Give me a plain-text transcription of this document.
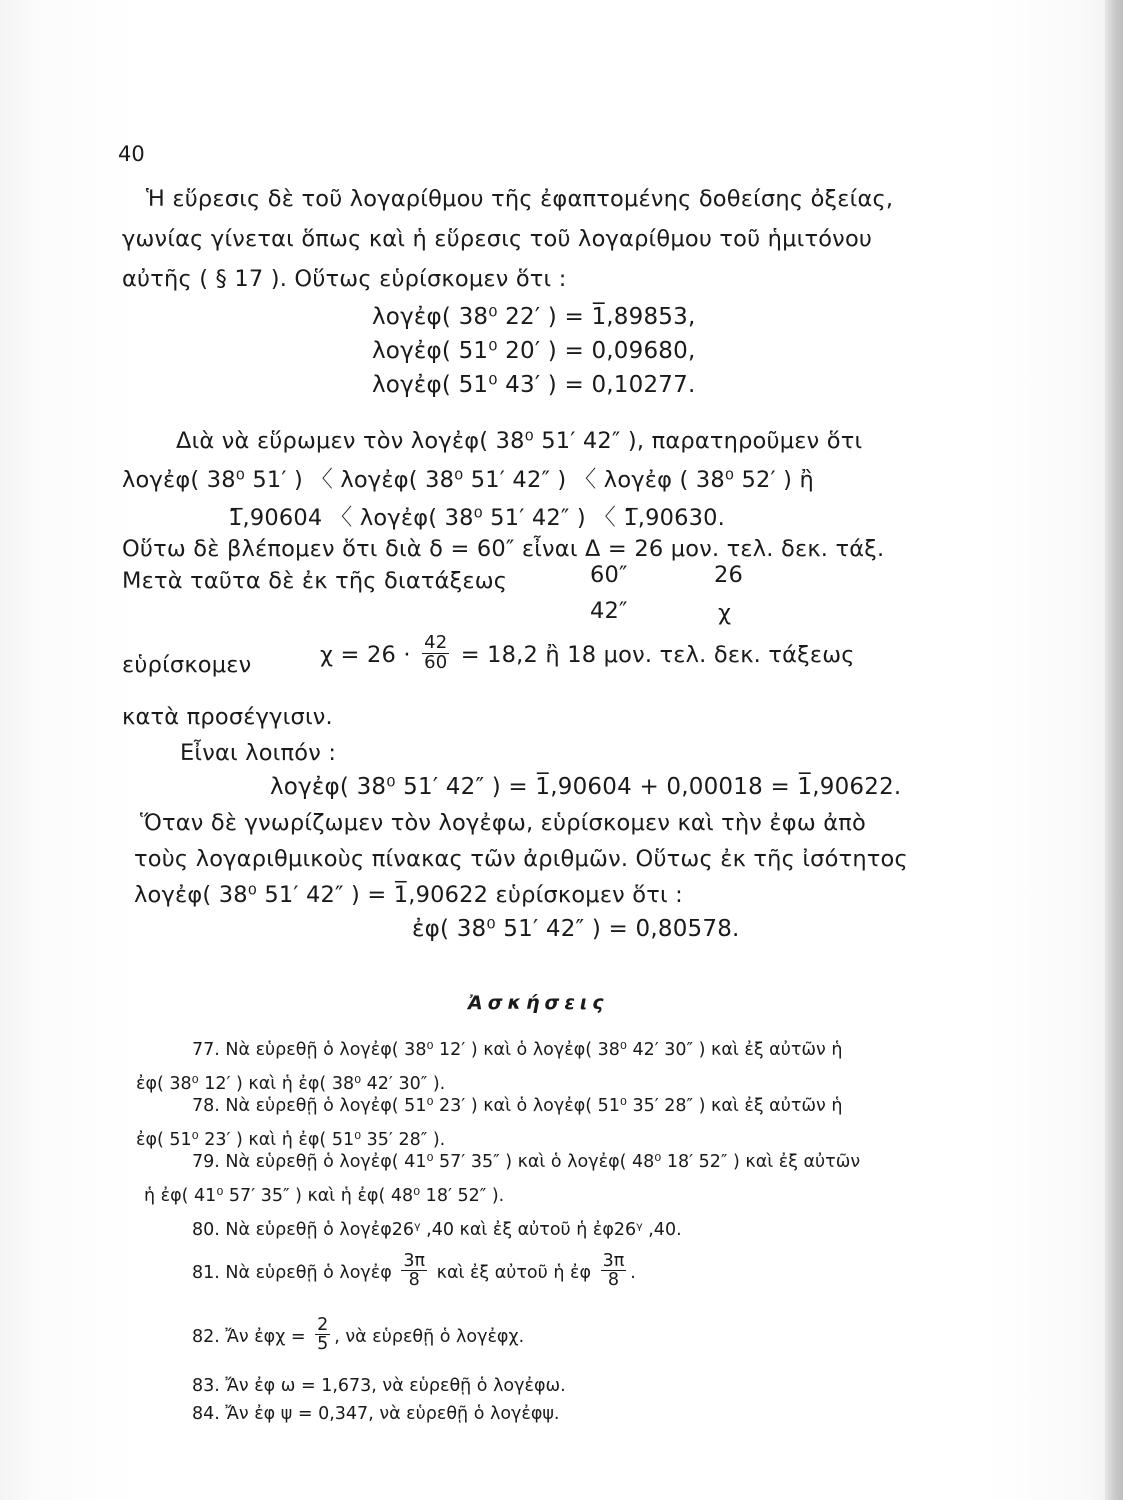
40
Ἡ εὕρεσις δὲ τοῦ λογαρίθμου τῆς ἐφαπτομένης δοθείσης ὀξείας,
γωνίας γίνεται ὅπως καὶ ἡ εὕρεσις τοῦ λογαρίθμου τοῦ ἡμιτόνου
αὐτῆς ( § 17 ). Οὕτως εὑρίσκομεν ὅτι :
λογἐφ( 38⁰ 22′ ) = 1̅,89853,
λογἐφ( 51⁰ 20′ ) = 0,09680,
λογἐφ( 51⁰ 43′ ) = 0,10277.
Διὰ νὰ εὕρωμεν τὸν λογἐφ( 38⁰ 51′ 42″ ), παρατηροῦμεν ὅτι
λογἐφ( 38⁰ 51′ ) 〈 λογἐφ( 38⁰ 51′ 42″ ) 〈 λογἐφ ( 38⁰ 52′ ) ἢ
1̅,90604 〈 λογἐφ( 38⁰ 51′ 42″ ) 〈 1̅,90630.
Οὕτω δὲ βλέπομεν ὅτι διὰ δ = 60″ εἶναι Δ = 26 μον. τελ. δεκ. τάξ.
Μετὰ ταῦτα δὲ ἐκ τῆς διατάξεως	60″	26
42″	χ
εὑρίσκομεν	$\chi = 26 \cdot \frac{42}{60} = 18,2$ ἢ 18 μον. τελ. δεκ. τάξεως
κατὰ προσέγγισιν.
Εἶναι λοιπόν :
λογἐφ( 38⁰ 51′ 42″ ) = 1̅,90604 + 0,00018 = 1̅,90622.
Ὅταν δὲ γνωρίζωμεν τὸν λογἐφω, εὑρίσκομεν καὶ τὴν ἐφω ἀπὸ
τοὺς λογαριθμικοὺς πίνακας τῶν ἀριθμῶν. Οὕτως ἐκ τῆς ἰσότητος
λογἐφ( 38⁰ 51′ 42″ ) = 1̅,90622 εὑρίσκομεν ὅτι :
ἐφ( 38⁰ 51′ 42″ ) = 0,80578.
Ἀσκήσεις
77. Νὰ εὑρεθῇ ὁ λογἐφ( 38⁰ 12′ ) καὶ ὁ λογἐφ( 38⁰ 42′ 30″ ) καὶ ἐξ αὐτῶν ἡ
ἐφ( 38⁰ 12′ ) καὶ ἡ ἐφ( 38⁰ 42′ 30″ ).
78. Νὰ εὑρεθῇ ὁ λογἐφ( 51⁰ 23′ ) καὶ ὁ λογἐφ( 51⁰ 35′ 28″ ) καὶ ἐξ αὐτῶν ἡ
ἐφ( 51⁰ 23′ ) καὶ ἡ ἐφ( 51⁰ 35′ 28″ ).
79. Νὰ εὑρεθῇ ὁ λογἐφ( 41⁰ 57′ 35″ ) καὶ ὁ λογἐφ( 48⁰ 18′ 52″ ) καὶ ἐξ αὐτῶν
ἡ ἐφ( 41⁰ 57′ 35″ ) καὶ ἡ ἐφ( 48⁰ 18′ 52″ ).
80. Νὰ εὑρεθῇ ὁ λογἐφ26ᵞ ,40 καὶ ἐξ αὐτοῦ ἡ ἐφ26ᵞ ,40.
81. Νὰ εὑρεθῇ ὁ λογἐφ $\frac{3\pi}{8}$ καὶ ἐξ αὐτοῦ ἡ ἐφ $\frac{3\pi}{8}$ .
82. Ἄν ἐφχ = $\frac{2}{5}$ , νὰ εὑρεθῇ ὁ λογἐφχ.
83. Ἄν ἐφ ω = 1,673, νὰ εὑρεθῇ ὁ λογἐφω.
84. Ἄν ἐφ ψ = 0,347, νὰ εὑρεθῇ ὁ λογἐφψ.
